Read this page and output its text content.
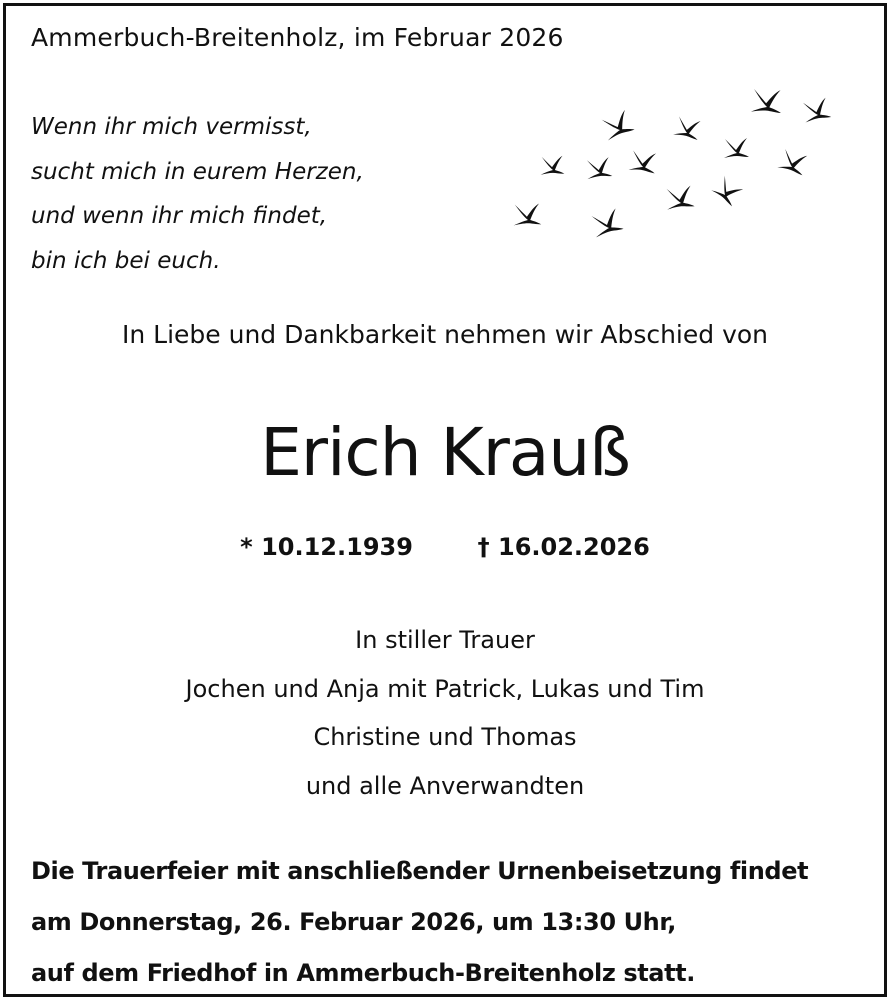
Ammerbuch-Breitenholz, im Februar 2026
Wenn ihr mich vermisst,
sucht mich in eurem Herzen,
und wenn ihr mich findet,
bin ich bei euch.
In Liebe und Dankbarkeit nehmen wir Abschied von
Erich Krauß
* 10.12.1939	† 16.02.2026
In stiller Trauer
Jochen und Anja mit Patrick, Lukas und Tim
Christine und Thomas
und alle Anverwandten
Die Trauerfeier mit anschließender Urnenbeisetzung findet
am Donnerstag, 26. Februar 2026, um 13:30 Uhr,
auf dem Friedhof in Ammerbuch-Breitenholz statt.
